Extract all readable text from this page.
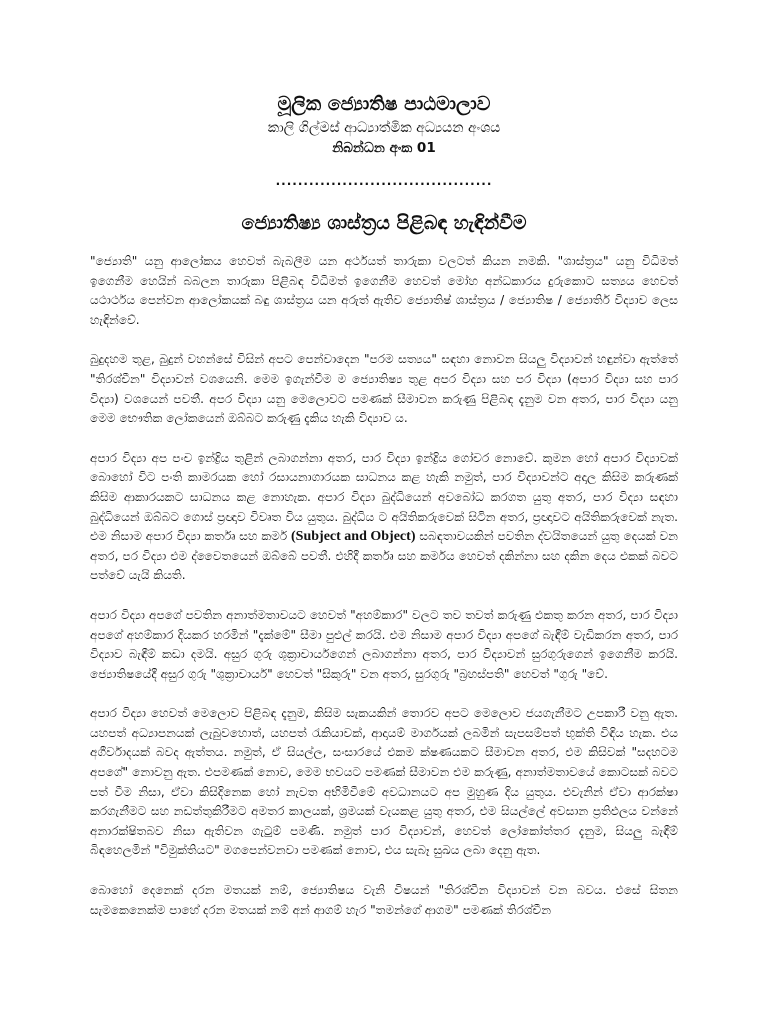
මූලික ජ්‍යොතිෂ පාඨමාලාව

කාලි ගිල්මස් ආධ්‍යාත්මික අධ්‍යයන අංශය

නිබන්ධන අංක 01

.......................................

ජ්‍යොතිෂ්‍ය ශාස්ත්‍රය පිළිබඳ හැඳින්වීම

"ජ්‍යොති" යනු ආලෝකය හෙවත් බැබලීම යන අර්ථයත් තාරුකා වලටත් කියන නමකි. "ශාස්ත්‍රය" යනු විධිමත් ඉගෙනීම හෙයින් බබලන තාරුකා පිළිබඳ විධිමත් ඉගෙනීම හෙවත් මෝහ අන්ධකාරය දුරුකොට සත්‍යය හෙවත් යථාර්ථය පෙන්වන ආලෝකයක් බඳු ශාස්ත්‍රය යන අරුත් ඇතිව ජ්‍යොතිෂ් ශාස්ත්‍රය / ජ්‍යොතිෂ / ජ්‍යොතිර් විද්‍යාව ලෙස හැඳින්වේ.

බුදුදහම තුළ, බුදුන් වහන්සේ විසින් අපට පෙන්වාදෙන "පරම සත්‍යය" සඳහා නොවන සියලු විද්‍යාවන් හඳුන්වා ඇත්තේ "තිරශ්චීන" විද්‍යාවන් වශයෙනි. මෙම ඉගැන්වීම ම ජ්‍යොතිෂ්‍ය තුළ අපර විද්‍යා සහ පර විද්‍යා (අපාර විද්‍යා සහ පාර විද්‍යා) වශයෙන් පවතී. අපර විද්‍යා යනු මෙලොවට පමණක් සීමාවන කරුණු පිළිබඳ දැනුම වන අතර, පාර විද්‍යා යනු මෙම භෞතික ලෝකයෙන් ඔබ්බට කරුණු දැකිය හැකි විද්‍යාව ය.

අපාර විද්‍යා අප පංච ඉන්ද්‍රිය තුළින් ලබාගන්නා අතර, පාර විද්‍යා ඉන්ද්‍රිය ගෝචර නොවේ. කුමන හෝ අපාර විද්‍යාවක් බොහෝ විට පංති කාමරයක හෝ රසායනාගාරයක සාධනය කළ හැකි නමුත්, පාර විද්‍යාවන්ට අදාල කිසිම කරුණක් කිසිම ආකාරයකට සාධනය කළ නොහැක. අපාර විද්‍යා බුද්ධියෙන් අවබෝධ කරගත යුතු අතර, පාර විද්‍යා සඳහා බුද්ධියෙන් ඔබ්බට ගොස් ප්‍රඥාව විවෘත විය යුතුය. බුද්ධිය ට අයිතිකරුවෙක් සිටින අතර, ප්‍රඥාවට අයිතිකරුවෙක් නැත. එම නිසාම අපාර විද්‍යා කර්තෘ සහ කර්ම (Subject and Object) සබඳතාවයකින් පවතින ද්වයිතයෙන් යුතු දෙයක් වන අතර, පර විද්‍යා එම ද්වෛතයෙන් ඔබ්බේ පවතී. එහිදී කර්තෘ සහ කර්මය හෙවත් දකින්නා සහ දකින දෙය එකක් බවට පත්වේ යැයි කියති.

අපාර විද්‍යා අපගේ පවතින අනාත්මතාවයට හෙවත් "අහම්කාර" වලට තව තවත් කරුණු එකතු කරන අතර, පාර විද්‍යා අපගේ අහම්කාර දියකර හරමින් "දැක්මේ" සීමා පුළුල් කරයි. එම නිසාම අපාර විද්‍යා අපගේ බැඳීම් වැඩිකරන අතර, පාර විද්‍යාව බැඳීම් කඩා දමයි. අසුර ගුරු ශුක්‍රාචාර්යගෙන් ලබාගන්නා අතර, පාර විද්‍යාවන් සුරගුරුගෙන් ඉගෙනීම කරයි. ජ්‍යොතිෂයේදී අසුර ගුරු "ශුක්‍රාචාර්ය" හෙවත් "සිකුරු" වන අතර, සුරගුරු "බ්‍රහස්පති" හෙවත් "ගුරු "වේ.

අපාර විද්‍යා හෙවත් මෙලොව පිළිබඳ දැනුම, කිසිම සැකයකින් තොරව අපට මෙලොව ජයගැනීමට උපකාරී වනු ඇත. යහපත් අධ්‍යාපනයක් ලැබුවහොත්, යහපත් රැකියාවක්, ආදායම් මාර්ගයක් ලබමින් සැපසම්පත් භුක්ති විඳිය හැක. එය අගීර්වාදයක් බවද ඇත්තය. නමුත්, ඒ සියල්ල, සංසාරයේ එකම ක්ෂණයකට සීමාවන අතර, එම කිසිවක් "සදහටම අපගේ" නොවනු ඇත. එපමණක් නොව, මෙම භවයට පමණක් සීමාවන එම කරුණු, අනාත්මතාවයේ කොටසක් බවට පත් වීම නිසා, ඒවා කිසිදිනෙක හෝ නැවත අභිමිවීමේ අවධානයට අප මුහුණ දිය යුතුය. එවැනින් ඒවා ආරක්ෂා කරගැනීමට සහ නඩත්තුකිරීමට අමතර කාලයක්, ශ්‍රමයක් වැයකළ යුතු අතර, එම සියල්ලේ අවසාන ප්‍රතිඵලය වන්නේ අනාරක්ෂිතබව නිසා ඇතිවන ගැටුම් පමණි. නමුත් පාර විද්‍යාවන්, හෙවත් ලෝකෝත්තර දැනුම, සියලු බැඳීම් බිඳහෙලමින් "විමුක්තියට" මගපෙන්වනවා පමණක් නොව, එය සැබෑ සුඛය ලබා දෙනු ඇත.

බොහෝ දෙනෙක් දරන මතයක් නම්, ජ්‍යොතිෂය වැනි විෂයන් "තිරශ්චීන විද්‍යාවන් වන බවය. එසේ සිතන සැමකෙනෙක්ම පාහේ දරන මතයක් නම් අන් ආගම් හැර "තමන්ගේ ආගම" පමණක් තිරශ්චීන
